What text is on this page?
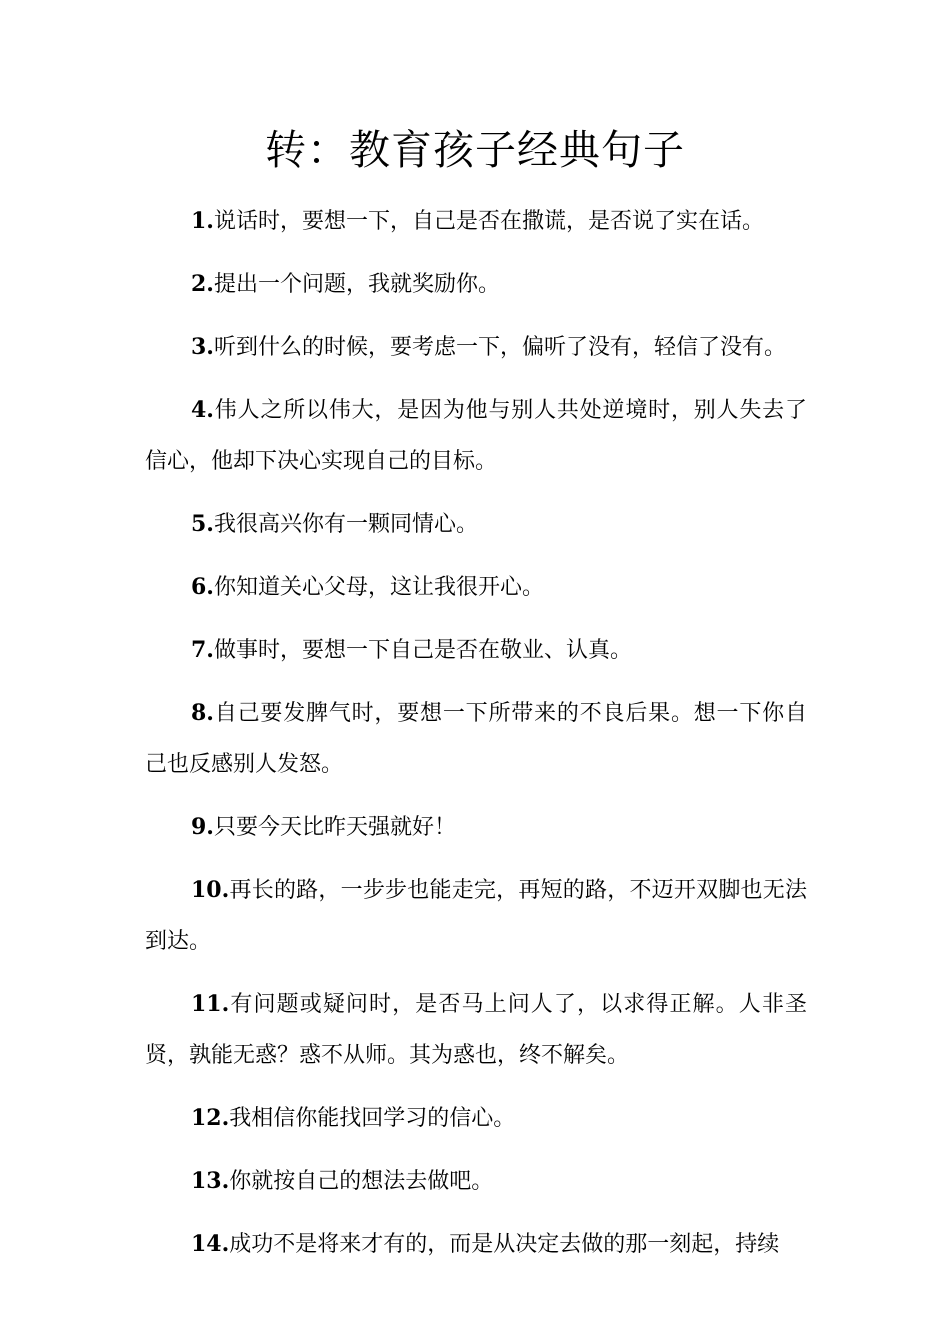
转：教育孩子经典句子

1.说话时，要想一下，自己是否在撒谎，是否说了实在话。

2.提出一个问题，我就奖励你。

3.听到什么的时候，要考虑一下，偏听了没有，轻信了没有。

4.伟人之所以伟大，是因为他与别人共处逆境时，别人失去了信心，他却下决心实现自己的目标。

5.我很高兴你有一颗同情心。

6.你知道关心父母，这让我很开心。

7.做事时，要想一下自己是否在敬业、认真。

8.自己要发脾气时，要想一下所带来的不良后果。想一下你自己也反感别人发怒。

9.只要今天比昨天强就好！

10.再长的路，一步步也能走完，再短的路，不迈开双脚也无法到达。

11.有问题或疑问时，是否马上问人了，以求得正解。人非圣贤，孰能无惑？惑不从师。其为惑也，终不解矣。

12.我相信你能找回学习的信心。

13.你就按自己的想法去做吧。

14.成功不是将来才有的，而是从决定去做的那一刻起，持续
